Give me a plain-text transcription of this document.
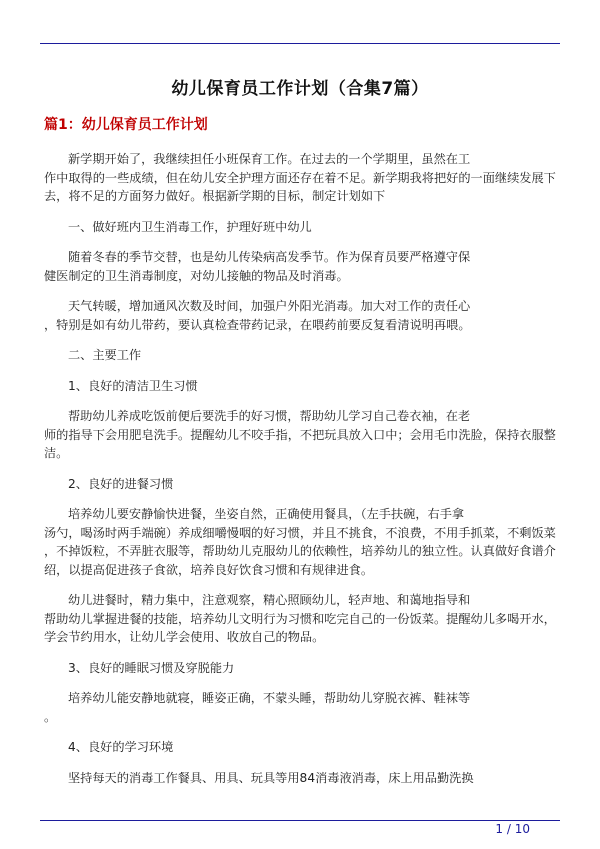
幼儿保育员工作计划（合集7篇）
篇1：幼儿保育员工作计划

新学期开始了，我继续担任小班保育工作。在过去的一个学期里，虽然在工
作中取得的一些成绩，但在幼儿安全护理方面还存在着不足。新学期我将把好的一面继续发展下
去，将不足的方面努力做好。根据新学期的目标，制定计划如下

一、做好班内卫生消毒工作，护理好班中幼儿

随着冬春的季节交替，也是幼儿传染病高发季节。作为保育员要严格遵守保
健医制定的卫生消毒制度，对幼儿接触的物品及时消毒。

天气转暖，增加通风次数及时间，加强户外阳光消毒。加大对工作的责任心
，特别是如有幼儿带药，要认真检查带药记录，在喂药前要反复看清说明再喂。

二、主要工作

1、良好的清洁卫生习惯

帮助幼儿养成吃饭前便后要洗手的好习惯，帮助幼儿学习自己卷衣袖，在老
师的指导下会用肥皂洗手。提醒幼儿不咬手指，不把玩具放入口中；会用毛巾洗脸，保持衣服整
洁。

2、良好的进餐习惯

培养幼儿要安静愉快进餐，坐姿自然，正确使用餐具，（左手扶碗，右手拿
汤勺，喝汤时两手端碗）养成细嚼慢咽的好习惯，并且不挑食，不浪费，不用手抓菜，不剩饭菜
，不掉饭粒，不弄脏衣服等，帮助幼儿克服幼儿的依赖性，培养幼儿的独立性。认真做好食谱介
绍，以提高促进孩子食欲，培养良好饮食习惯和有规律进食。

幼儿进餐时，精力集中，注意观察，精心照顾幼儿，轻声地、和蔼地指导和
帮助幼儿掌握进餐的技能，培养幼儿文明行为习惯和吃完自己的一份饭菜。提醒幼儿多喝开水，
学会节约用水，让幼儿学会使用、收放自己的物品。

3、良好的睡眠习惯及穿脱能力

培养幼儿能安静地就寝，睡姿正确，不蒙头睡，帮助幼儿穿脱衣裤、鞋袜等
。

4、良好的学习环境

坚持每天的消毒工作餐具、用具、玩具等用84消毒液消毒，床上用品勤洗换

1 / 10
